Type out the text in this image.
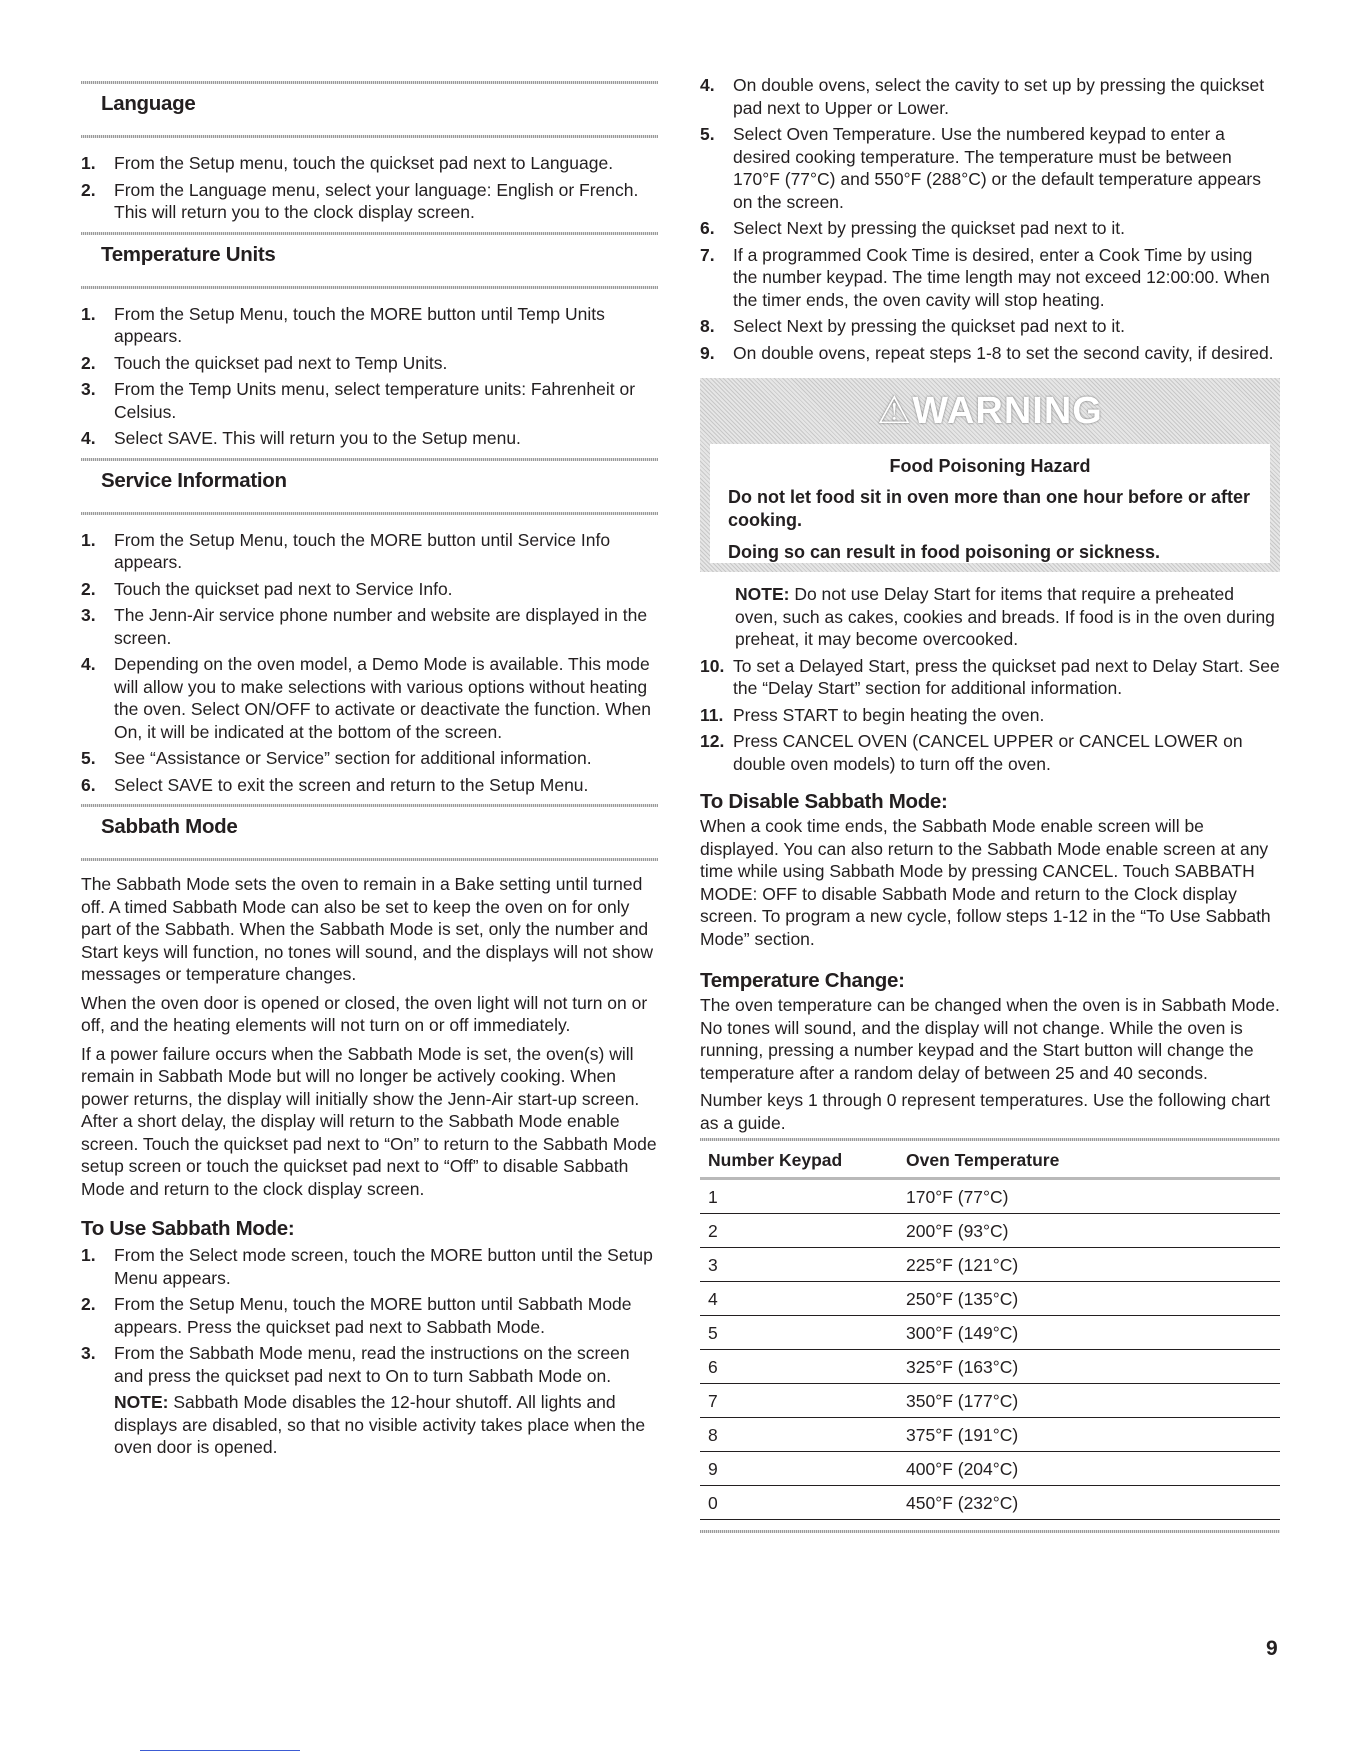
Language
1. From the Setup menu, touch the quickset pad next to Language.
2. From the Language menu, select your language: English or French. This will return you to the clock display screen.
Temperature Units
1. From the Setup Menu, touch the MORE button until Temp Units appears.
2. Touch the quickset pad next to Temp Units.
3. From the Temp Units menu, select temperature units: Fahrenheit or Celsius.
4. Select SAVE. This will return you to the Setup menu.
Service Information
1. From the Setup Menu, touch the MORE button until Service Info appears.
2. Touch the quickset pad next to Service Info.
3. The Jenn-Air service phone number and website are displayed in the screen.
4. Depending on the oven model, a Demo Mode is available. This mode will allow you to make selections with various options without heating the oven. Select ON/OFF to activate or deactivate the function. When On, it will be indicated at the bottom of the screen.
5. See “Assistance or Service” section for additional information.
6. Select SAVE to exit the screen and return to the Setup Menu.
Sabbath Mode

The Sabbath Mode sets the oven to remain in a Bake setting until turned off. A timed Sabbath Mode can also be set to keep the oven on for only part of the Sabbath. When the Sabbath Mode is set, only the number and Start keys will function, no tones will sound, and the displays will not show messages or temperature changes.

When the oven door is opened or closed, the oven light will not turn on or off, and the heating elements will not turn on or off immediately.

If a power failure occurs when the Sabbath Mode is set, the oven(s) will remain in Sabbath Mode but will no longer be actively cooking. When power returns, the display will initially show the Jenn-Air start-up screen. After a short delay, the display will return to the Sabbath Mode enable screen. Touch the quickset pad next to “On” to return to the Sabbath Mode setup screen or touch the quickset pad next to “Off” to disable Sabbath Mode and return to the clock display screen.

To Use Sabbath Mode:

1. From the Select mode screen, touch the MORE button until the Setup Menu appears.
2. From the Setup Menu, touch the MORE button until Sabbath Mode appears. Press the quickset pad next to Sabbath Mode.
3. From the Sabbath Mode menu, read the instructions on the screen and press the quickset pad next to On to turn Sabbath Mode on.

NOTE: Sabbath Mode disables the 12-hour shutoff. All lights and displays are disabled, so that no visible activity takes place when the oven door is opened.

4. On double ovens, select the cavity to set up by pressing the quickset pad next to Upper or Lower.
5. Select Oven Temperature. Use the numbered keypad to enter a desired cooking temperature. The temperature must be between 170°F (77°C) and 550°F (288°C) or the default temperature appears on the screen.
6. Select Next by pressing the quickset pad next to it.
7. If a programmed Cook Time is desired, enter a Cook Time by using the number keypad. The time length may not exceed 12:00:00. When the timer ends, the oven cavity will stop heating.
8. Select Next by pressing the quickset pad next to it.
9. On double ovens, repeat steps 1-8 to set the second cavity, if desired.
⚠WARNING
Food Poisoning Hazard
Do not let food sit in oven more than one hour before or after cooking.
Doing so can result in food poisoning or sickness.

NOTE: Do not use Delay Start for items that require a preheated oven, such as cakes, cookies and breads. If food is in the oven during preheat, it may become overcooked.

10. To set a Delayed Start, press the quickset pad next to Delay Start. See the “Delay Start” section for additional information.
11. Press START to begin heating the oven.
12. Press CANCEL OVEN (CANCEL UPPER or CANCEL LOWER on double oven models) to turn off the oven.

To Disable Sabbath Mode:

When a cook time ends, the Sabbath Mode enable screen will be displayed. You can also return to the Sabbath Mode enable screen at any time while using Sabbath Mode by pressing CANCEL. Touch SABBATH MODE: OFF to disable Sabbath Mode and return to the Clock display screen. To program a new cycle, follow steps 1-12 in the “To Use Sabbath Mode” section.

Temperature Change:

The oven temperature can be changed when the oven is in Sabbath Mode. No tones will sound, and the display will not change. While the oven is running, pressing a number keypad and the Start button will change the temperature after a random delay of between 25 and 40 seconds.

Number keys 1 through 0 represent temperatures. Use the following chart as a guide.

Number Keypad	Oven Temperature
1	170°F (77°C)
2	200°F (93°C)
3	225°F (121°C)
4	250°F (135°C)
5	300°F (149°C)
6	325°F (163°C)
7	350°F (177°C)
8	375°F (191°C)
9	400°F (204°C)
0	450°F (232°C)
9
